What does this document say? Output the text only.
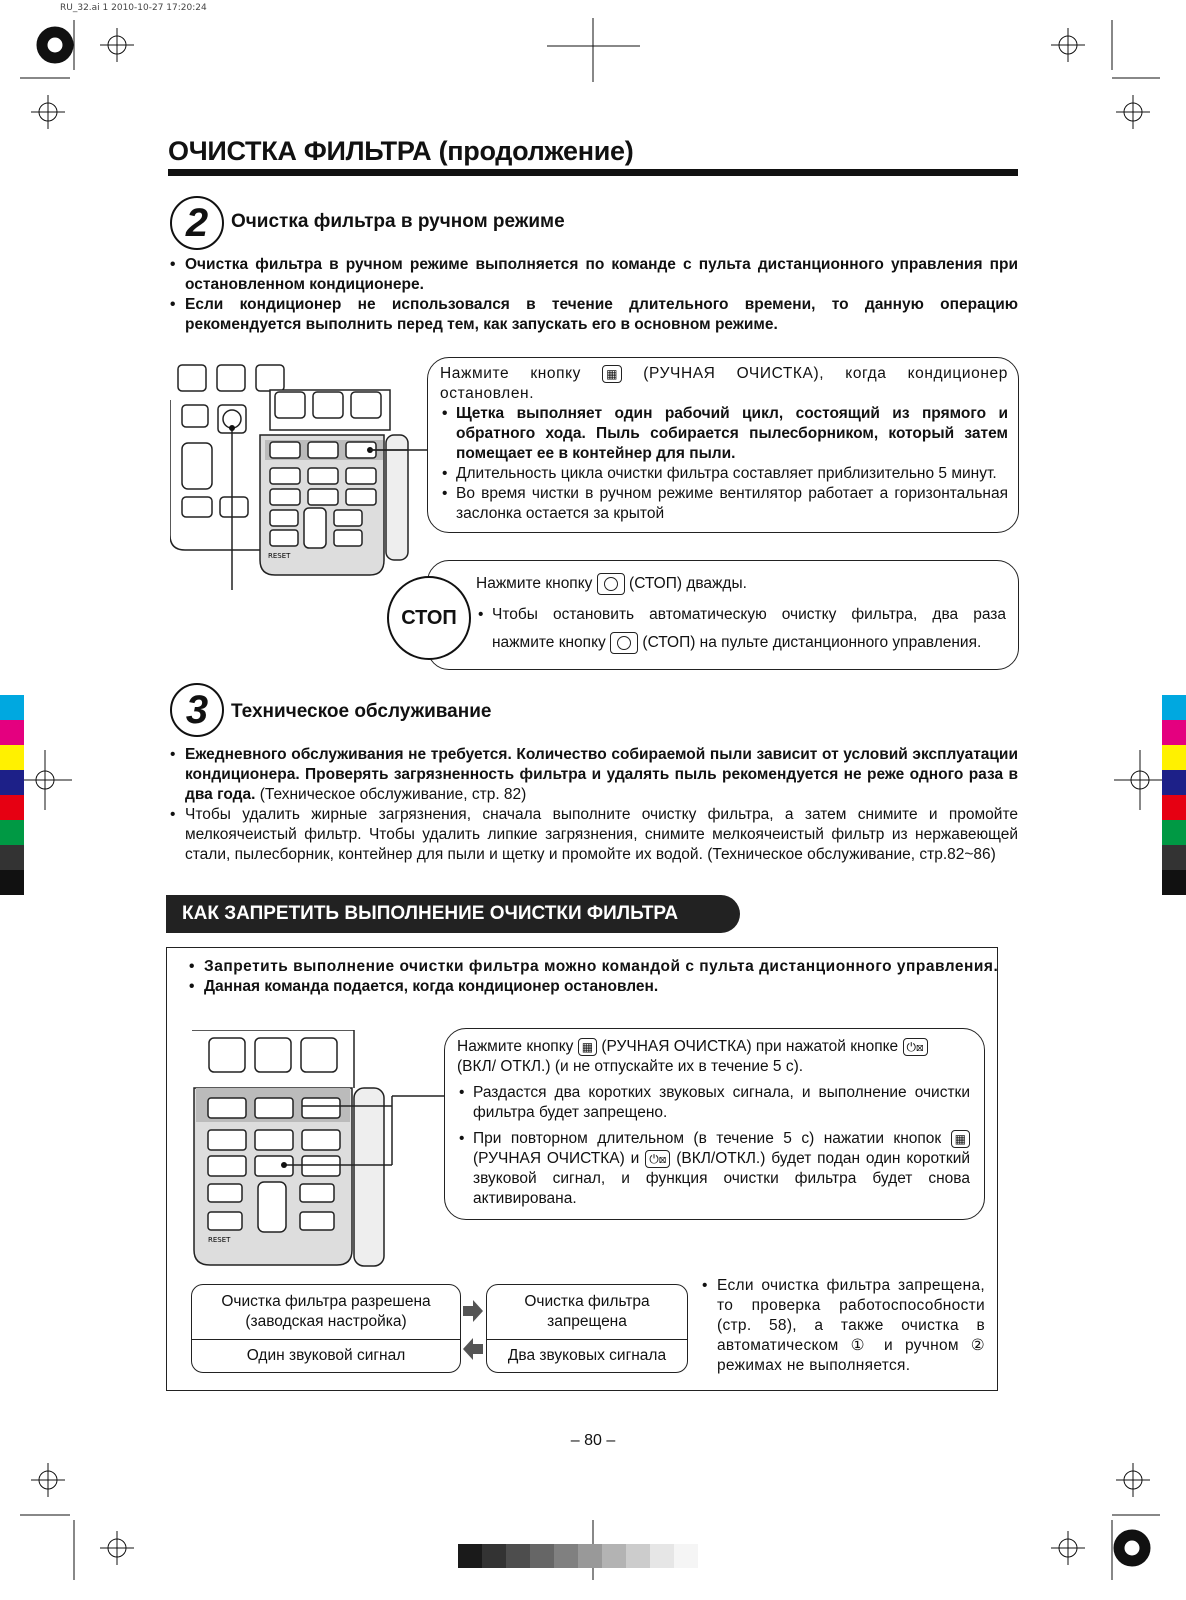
RU_32.ai 1 2010-10-27 17:20:24
ОЧИСТКА ФИЛЬТРА (продолжение)
2	Очистка фильтра в ручном режиме
• Очистка фильтра в ручном режиме выполняется по команде с пульта дистанционного управления при остановленном кондиционере.
• Если кондиционер не использовался в течение длительного времени, то данную операцию рекомендуется выполнить перед тем, как запускать его в основном режиме.
RESET
Нажмите кнопку ▦ (РУЧНАЯ ОЧИСТКА), когда кондиционер остановлен.
• Щетка выполняет один рабочий цикл, состоящий из прямого и обратного хода. Пыль собирается пылесборником, который затем помещает ее в контейнер для пыли.
• Длительность цикла очистки фильтра составляет приблизительно 5 минут.
• Во время чистки в ручном режиме вентилятор работает а горизонтальная заслонка остается за крытой
Нажмите кнопку (СТОП) дважды.
• Чтобы остановить автоматическую очистку фильтра, два раза нажмите кнопку (СТОП) на пульте дистанционного управления.
СТОП
3	Техническое обслуживание
• Ежедневного обслуживания не требуется. Количество собираемой пыли зависит от условий эксплуатации кондиционера. Проверять загрязненность фильтра и удалять пыль рекомендуется не реже одного раза в два года. (Техническое обслуживание, стр. 82)
• Чтобы удалить жирные загрязнения, сначала выполните очистку фильтра, а затем снимите и промойте мелкоячеистый фильтр. Чтобы удалить липкие загрязнения, снимите мелкоячеистый фильтр из нержавеющей стали, пылесборник, контейнер для пыли и щетку и промойте их водой. (Техническое обслуживание, стр.82~86)
КАК ЗАПРЕТИТЬ ВЫПОЛНЕНИЕ ОЧИСТКИ ФИЛЬТРА
• Запретить выполнение очистки фильтра можно командой с пульта дистанционного управления.
• Данная команда подается, когда кондиционер остановлен.
RESET
Нажмите кнопку ▦ (РУЧНАЯ ОЧИСТКА) при нажатой кнопке ⏻⊠ (ВКЛ/ ОТКЛ.) (и не отпускайте их в течение 5 с).
• Раздастся два коротких звуковых сигнала, и выполнение очистки фильтра будет запрещено.
• При повторном длительном (в течение 5 с) нажатии кнопок ▦ (РУЧНАЯ ОЧИСТКА) и ⏻⊠ (ВКЛ/ОТКЛ.) будет подан один короткий звуковой сигнал, и функция очистки фильтра будет снова активирована.
Очистка фильтра разрешена (заводская настройка)
Один звуковой сигнал
Очистка фильтра запрещена
Два звуковых сигнала
• Если очистка фильтра запрещена, то проверка работоспособности (стр. 58), а также очистка в автоматическом ① и ручном ② режимах не выполняется.
– 80 –
